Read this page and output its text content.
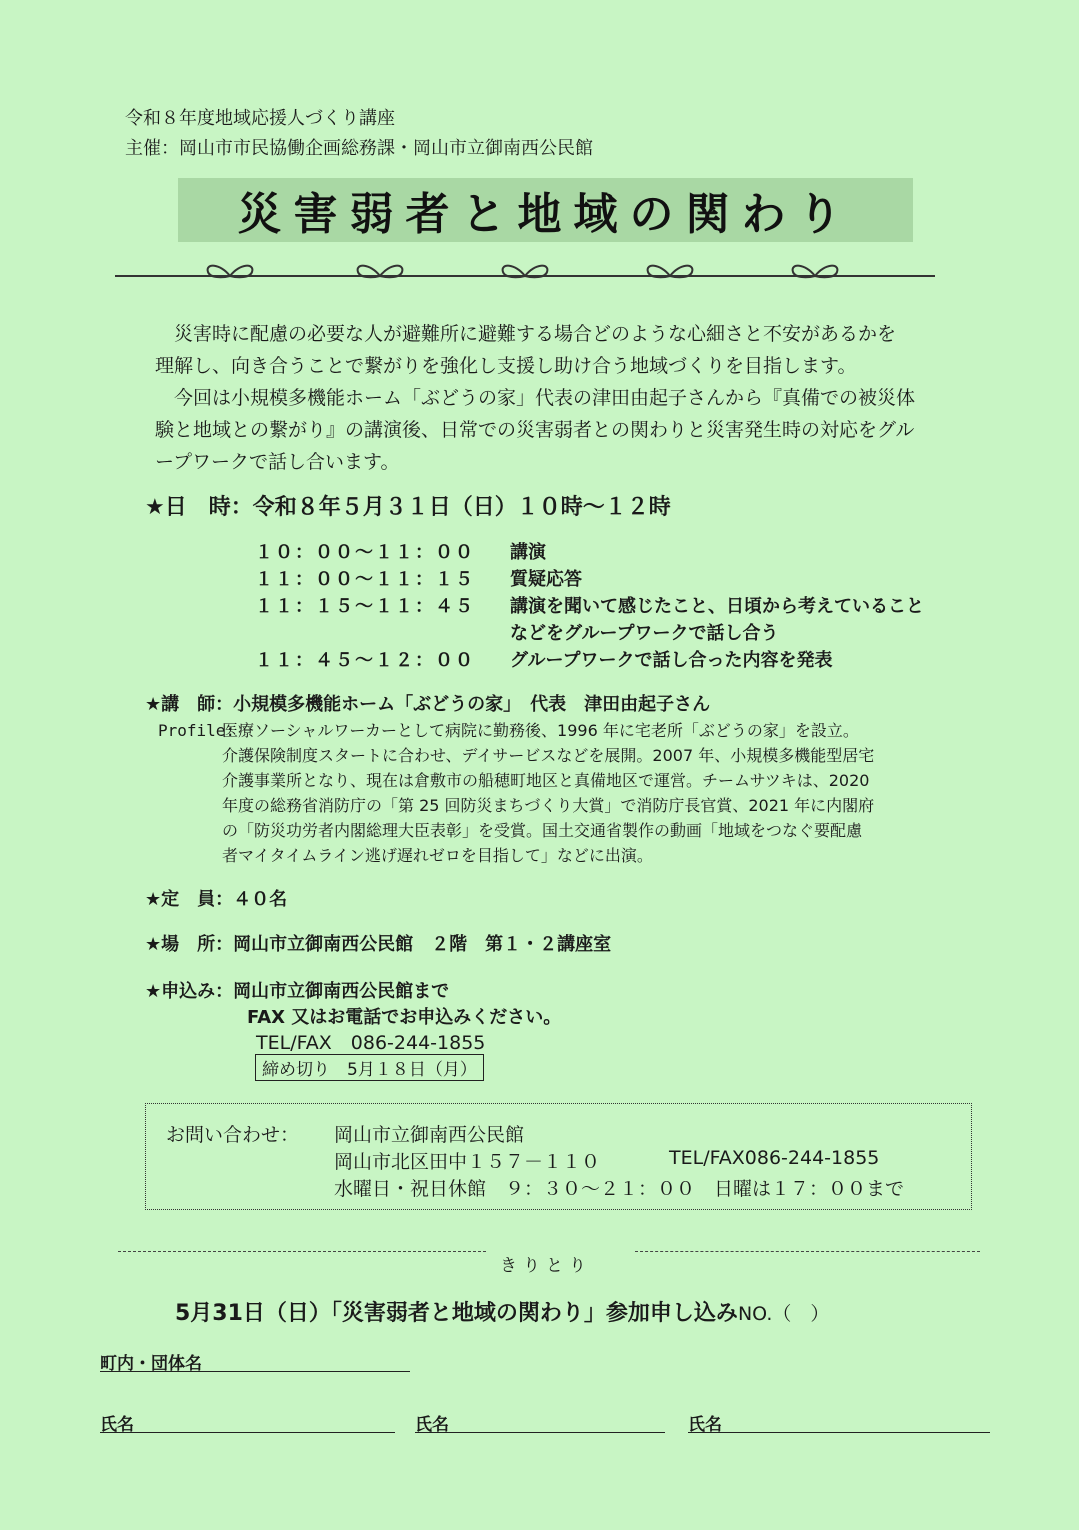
令和８年度地域応援人づくり講座
主催：岡山市市民協働企画総務課・岡山市立御南西公民館
災害弱者と地域の関わり
　災害時に配慮の必要な人が避難所に避難する場合どのような心細さと不安があるかを
理解し、向き合うことで繋がりを強化し支援し助け合う地域づくりを目指します。
　今回は小規模多機能ホーム「ぶどうの家」代表の津田由起子さんから『真備での被災体
験と地域との繋がり』の講演後、日常での災害弱者との関わりと災害発生時の対応をグル
ープワークで話し合います。
★日　時：令和８年５月３１日（日）１０時～１２時
１０：００～１１：００ 講演
１１：００～１１：１５ 質疑応答
１１：１５～１１：４５ 講演を聞いて感じたこと、日頃から考えていること
などをグループワークで話し合う
１１：４５～１２：００ グループワークで話し合った内容を発表
★講　師：小規模多機能ホーム「ぶどうの家」　代表　津田由起子さん
Profile:
医療ソーシャルワーカーとして病院に勤務後、1996 年に宅老所「ぶどうの家」を設立。
介護保険制度スタートに合わせ、デイサービスなどを展開。2007 年、小規模多機能型居宅
介護事業所となり、現在は倉敷市の船穂町地区と真備地区で運営。チームサツキは、2020
年度の総務省消防庁の「第 25 回防災まちづくり大賞」で消防庁長官賞、2021 年に内閣府
の「防災功労者内閣総理大臣表彰」を受賞。国土交通省製作の動画「地域をつなぐ要配慮
者マイタイムライン逃げ遅れゼロを目指して」などに出演。
★定　員：４０名
★場　所：岡山市立御南西公民館　２階　第１・２講座室
★申込み：岡山市立御南西公民館まで
FAX 又はお電話でお申込みください。
TEL/FAX　086-244-1855
締め切り　5月１８日（月）
お問い合わせ： 岡山市立御南西公民館
岡山市北区田中１５７－１１０	TEL/FAX086-244-1855
水曜日・祝日休館　９：３０～２１：００　日曜は１７：００まで
きりとり
5月31日（日）「災害弱者と地域の関わり」参加申し込みNO.（　）
町内・団体名
氏名	氏名	氏名
